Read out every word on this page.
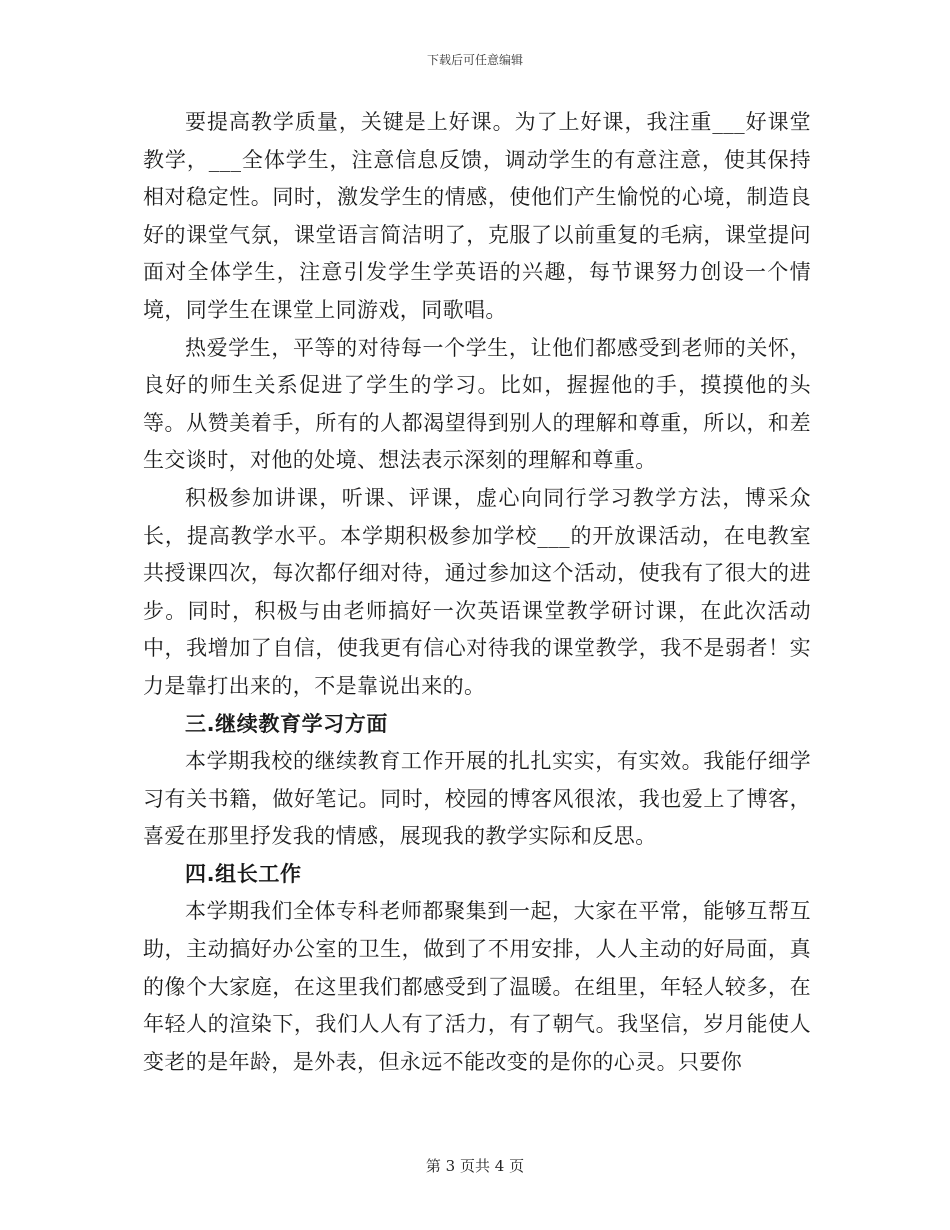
下载后可任意编辑

要提高教学质量，关键是上好课。为了上好课，我注重___好课堂教学，___全体学生，注意信息反馈，调动学生的有意注意，使其保持相对稳定性。同时，激发学生的情感，使他们产生愉悦的心境，制造良好的课堂气氛，课堂语言简洁明了，克服了以前重复的毛病，课堂提问面对全体学生，注意引发学生学英语的兴趣，每节课努力创设一个情境，同学生在课堂上同游戏，同歌唱。

热爱学生，平等的对待每一个学生，让他们都感受到老师的关怀，良好的师生关系促进了学生的学习。比如，握握他的手，摸摸他的头等。从赞美着手，所有的人都渴望得到别人的理解和尊重，所以，和差生交谈时，对他的处境、想法表示深刻的理解和尊重。

积极参加讲课，听课、评课，虚心向同行学习教学方法，博采众长，提高教学水平。本学期积极参加学校___的开放课活动，在电教室共授课四次，每次都仔细对待，通过参加这个活动，使我有了很大的进步。同时，积极与由老师搞好一次英语课堂教学研讨课，在此次活动中，我增加了自信，使我更有信心对待我的课堂教学，我不是弱者！实力是靠打出来的，不是靠说出来的。

三.继续教育学习方面

本学期我校的继续教育工作开展的扎扎实实，有实效。我能仔细学习有关书籍，做好笔记。同时，校园的博客风很浓，我也爱上了博客，喜爱在那里抒发我的情感，展现我的教学实际和反思。

四.组长工作

本学期我们全体专科老师都聚集到一起，大家在平常，能够互帮互助，主动搞好办公室的卫生，做到了不用安排，人人主动的好局面，真的像个大家庭，在这里我们都感受到了温暖。在组里，年轻人较多，在年轻人的渲染下，我们人人有了活力，有了朝气。我坚信，岁月能使人变老的是年龄，是外表，但永远不能改变的是你的心灵。只要你

第 3 页共 4 页
